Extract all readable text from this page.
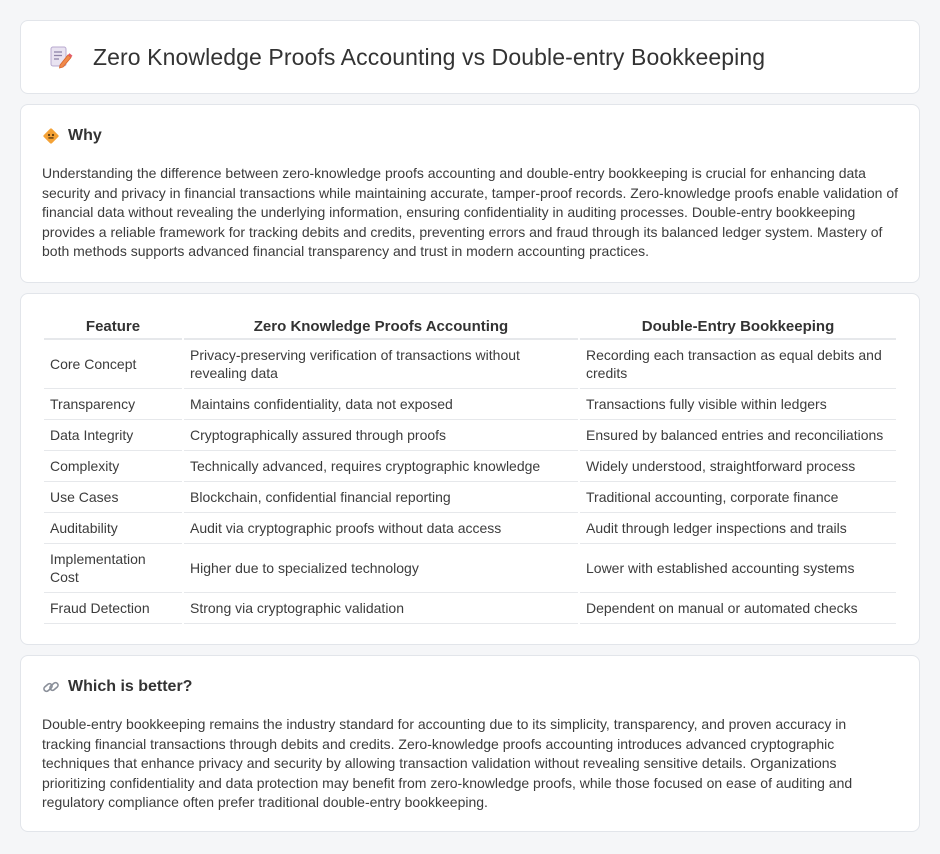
Zero Knowledge Proofs Accounting vs Double-entry Bookkeeping
Why

Understanding the difference between zero-knowledge proofs accounting and double-entry bookkeeping is crucial for enhancing data security and privacy in financial transactions while maintaining accurate, tamper-proof records. Zero-knowledge proofs enable validation of financial data without revealing the underlying information, ensuring confidentiality in auditing processes. Double-entry bookkeeping provides a reliable framework for tracking debits and credits, preventing errors and fraud through its balanced ledger system. Mastery of both methods supports advanced financial transparency and trust in modern accounting practices.

Feature	Zero Knowledge Proofs Accounting	Double-Entry Bookkeeping
Core Concept	Privacy-preserving verification of transactions without revealing data	Recording each transaction as equal debits and credits
Transparency	Maintains confidentiality, data not exposed	Transactions fully visible within ledgers
Data Integrity	Cryptographically assured through proofs	Ensured by balanced entries and reconciliations
Complexity	Technically advanced, requires cryptographic knowledge	Widely understood, straightforward process
Use Cases	Blockchain, confidential financial reporting	Traditional accounting, corporate finance
Auditability	Audit via cryptographic proofs without data access	Audit through ledger inspections and trails
Implementation Cost	Higher due to specialized technology	Lower with established accounting systems
Fraud Detection	Strong via cryptographic validation	Dependent on manual or automated checks
Which is better?

Double-entry bookkeeping remains the industry standard for accounting due to its simplicity, transparency, and proven accuracy in tracking financial transactions through debits and credits. Zero-knowledge proofs accounting introduces advanced cryptographic techniques that enhance privacy and security by allowing transaction validation without revealing sensitive details. Organizations prioritizing confidentiality and data protection may benefit from zero-knowledge proofs, while those focused on ease of auditing and regulatory compliance often prefer traditional double-entry bookkeeping.
